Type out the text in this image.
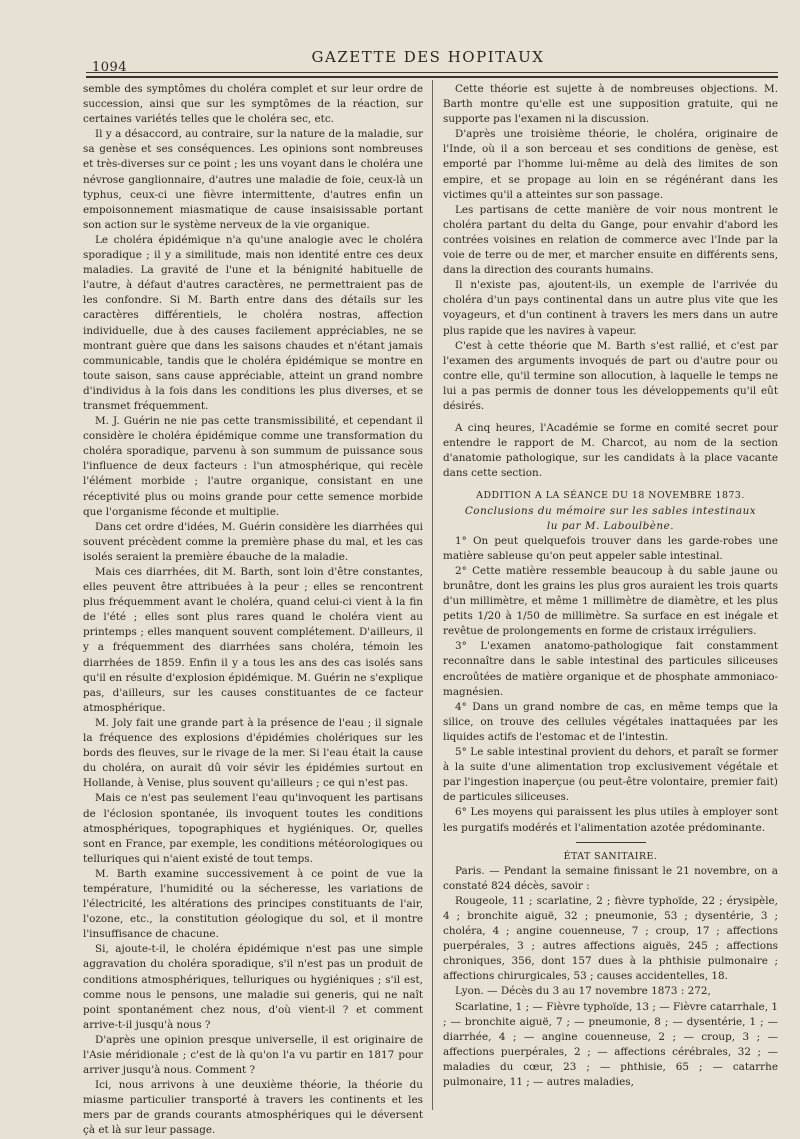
1094
GAZETTE DES HOPITAUX

semble des symptômes du choléra complet et sur leur ordre de succession, ainsi que sur les symptômes de la réaction, sur certaines variétés telles que le choléra sec, etc.

Il y a désaccord, au contraire, sur la nature de la maladie, sur sa genèse et ses conséquences. Les opinions sont nombreuses et très-diverses sur ce point ; les uns voyant dans le choléra une névrose ganglionnaire, d'autres une maladie de foie, ceux-là un typhus, ceux-ci une fièvre intermittente, d'autres enfin un empoisonnement miasmatique de cause insaisissable portant son action sur le système nerveux de la vie organique.

Le choléra épidémique n'a qu'une analogie avec le choléra sporadique ; il y a similitude, mais non identité entre ces deux maladies. La gravité de l'une et la bénignité habituelle de l'autre, à défaut d'autres caractères, ne permettraient pas de les confondre. Si M. Barth entre dans des détails sur les caractères différentiels, le choléra nostras, affection individuelle, due à des causes facilement appréciables, ne se montrant guère que dans les saisons chaudes et n'étant jamais communicable, tandis que le choléra épidémique se montre en toute saison, sans cause appréciable, atteint un grand nombre d'individus à la fois dans les conditions les plus diverses, et se transmet fréquemment.

M. J. Guérin ne nie pas cette transmissibilité, et cependant il considère le choléra épidémique comme une transformation du choléra sporadique, parvenu à son summum de puissance sous l'influence de deux facteurs : l'un atmosphérique, qui recèle l'élément morbide ; l'autre organique, consistant en une réceptivité plus ou moins grande pour cette semence morbide que l'organisme féconde et multiplie.

Dans cet ordre d'idées, M. Guérin considère les diarrhées qui souvent précèdent comme la première phase du mal, et les cas isolés seraient la première ébauche de la maladie.

Mais ces diarrhées, dit M. Barth, sont loin d'être constantes, elles peuvent être attribuées à la peur ; elles se rencontrent plus fréquemment avant le choléra, quand celui-ci vient à la fin de l'été ; elles sont plus rares quand le choléra vient au printemps ; elles manquent souvent complétement. D'ailleurs, il y a fréquemment des diarrhées sans choléra, témoin les diarrhées de 1859. Enfin il y a tous les ans des cas isolés sans qu'il en résulte d'explosion épidémique. M. Guérin ne s'explique pas, d'ailleurs, sur les causes constituantes de ce facteur atmosphérique.

M. Joly fait une grande part à la présence de l'eau ; il signale la fréquence des explosions d'épidémies cholériques sur les bords des fleuves, sur le rivage de la mer. Si l'eau était la cause du choléra, on aurait dû voir sévir les épidémies surtout en Hollande, à Venise, plus souvent qu'ailleurs ; ce qui n'est pas.

Mais ce n'est pas seulement l'eau qu'invoquent les partisans de l'éclosion spontanée, ils invoquent toutes les conditions atmosphériques, topographiques et hygiéniques. Or, quelles sont en France, par exemple, les conditions météorologiques ou telluriques qui n'aient existé de tout temps.

M. Barth examine successivement à ce point de vue la température, l'humidité ou la sécheresse, les variations de l'électricité, les altérations des principes constituants de l'air, l'ozone, etc., la constitution géologique du sol, et il montre l'insuffisance de chacune.

Si, ajoute-t-il, le choléra épidémique n'est pas une simple aggravation du choléra sporadique, s'il n'est pas un produit de conditions atmosphériques, telluriques ou hygiéniques ; s'il est, comme nous le pensons, une maladie sui generis, qui ne naît point spontanément chez nous, d'où vient-il ? et comment arrive-t-il jusqu'à nous ?

D'après une opinion presque universelle, il est originaire de l'Asie méridionale ; c'est de là qu'on l'a vu partir en 1817 pour arriver jusqu'à nous. Comment ?

Ici, nous arrivons à une deuxième théorie, la théorie du miasme particulier transporté à travers les continents et les mers par de grands courants atmosphériques qui le déversent çà et là sur leur passage.

Cette théorie est sujette à de nombreuses objections. M. Barth montre qu'elle est une supposition gratuite, qui ne supporte pas l'examen ni la discussion.

D'après une troisième théorie, le choléra, originaire de l'Inde, où il a son berceau et ses conditions de genèse, est emporté par l'homme lui-même au delà des limites de son empire, et se propage au loin en se régénérant dans les victimes qu'il a atteintes sur son passage.

Les partisans de cette manière de voir nous montrent le choléra partant du delta du Gange, pour envahir d'abord les contrées voisines en relation de commerce avec l'Inde par la voie de terre ou de mer, et marcher ensuite en différents sens, dans la direction des courants humains.

Il n'existe pas, ajoutent-ils, un exemple de l'arrivée du choléra d'un pays continental dans un autre plus vite que les voyageurs, et d'un continent à travers les mers dans un autre plus rapide que les navires à vapeur.

C'est à cette théorie que M. Barth s'est rallié, et c'est par l'examen des arguments invoqués de part ou d'autre pour ou contre elle, qu'il termine son allocution, à laquelle le temps ne lui a pas permis de donner tous les développements qu'il eût désirés.

A cinq heures, l'Académie se forme en comité secret pour entendre le rapport de M. Charcot, au nom de la section d'anatomie pathologique, sur les candidats à la place vacante dans cette section.

ADDITION A LA SÉANCE DU 18 NOVEMBRE 1873.

Conclusions du mémoire sur les sables intestinaux

lu par M. Laboulbène.

1° On peut quelquefois trouver dans les garde-robes une matière sableuse qu'on peut appeler sable intestinal.

2° Cette matière ressemble beaucoup à du sable jaune ou brunâtre, dont les grains les plus gros auraient les trois quarts d'un millimètre, et même 1 millimètre de diamètre, et les plus petits 1/20 à 1/50 de millimètre. Sa surface en est inégale et revêtue de prolongements en forme de cristaux irréguliers.

3° L'examen anatomo-pathologique fait constamment reconnaître dans le sable intestinal des particules siliceuses encroûtées de matière organique et de phosphate ammoniaco-magnésien.

4° Dans un grand nombre de cas, en même temps que la silice, on trouve des cellules végétales inattaquées par les liquides actifs de l'estomac et de l'intestin.

5° Le sable intestinal provient du dehors, et paraît se former à la suite d'une alimentation trop exclusivement végétale et par l'ingestion inaperçue (ou peut-être volontaire, premier fait) de particules siliceuses.

6° Les moyens qui paraissent les plus utiles à employer sont les purgatifs modérés et l'alimentation azotée prédominante.

ÉTAT SANITAIRE.

Paris. — Pendant la semaine finissant le 21 novembre, on a constaté 824 décès, savoir :

Rougeole, 11 ; scarlatine, 2 ; fièvre typhoïde, 22 ; érysipèle, 4 ; bronchite aiguë, 32 ; pneumonie, 53 ; dysentérie, 3 ; choléra, 4 ; angine couenneuse, 7 ; croup, 17 ; affections puerpérales, 3 ; autres affections aiguës, 245 ; affections chroniques, 356, dont 157 dues à la phthisie pulmonaire ; affections chirurgicales, 53 ; causes accidentelles, 18.

Lyon. — Décès du 3 au 17 novembre 1873 : 272,

Scarlatine, 1 ; — Fièvre typhoïde, 13 ; — Fièvre catarrhale, 1 ; — bronchite aiguë, 7 ; — pneumonie, 8 ; — dysentérie, 1 ; — diarrhée, 4 ; — angine couenneuse, 2 ; — croup, 3 ; — affections puerpérales, 2 ; — affections cérébrales, 32 ; — maladies du cœur, 23 ; — phthisie, 65 ; — catarrhe pulmonaire, 11 ; — autres maladies,
